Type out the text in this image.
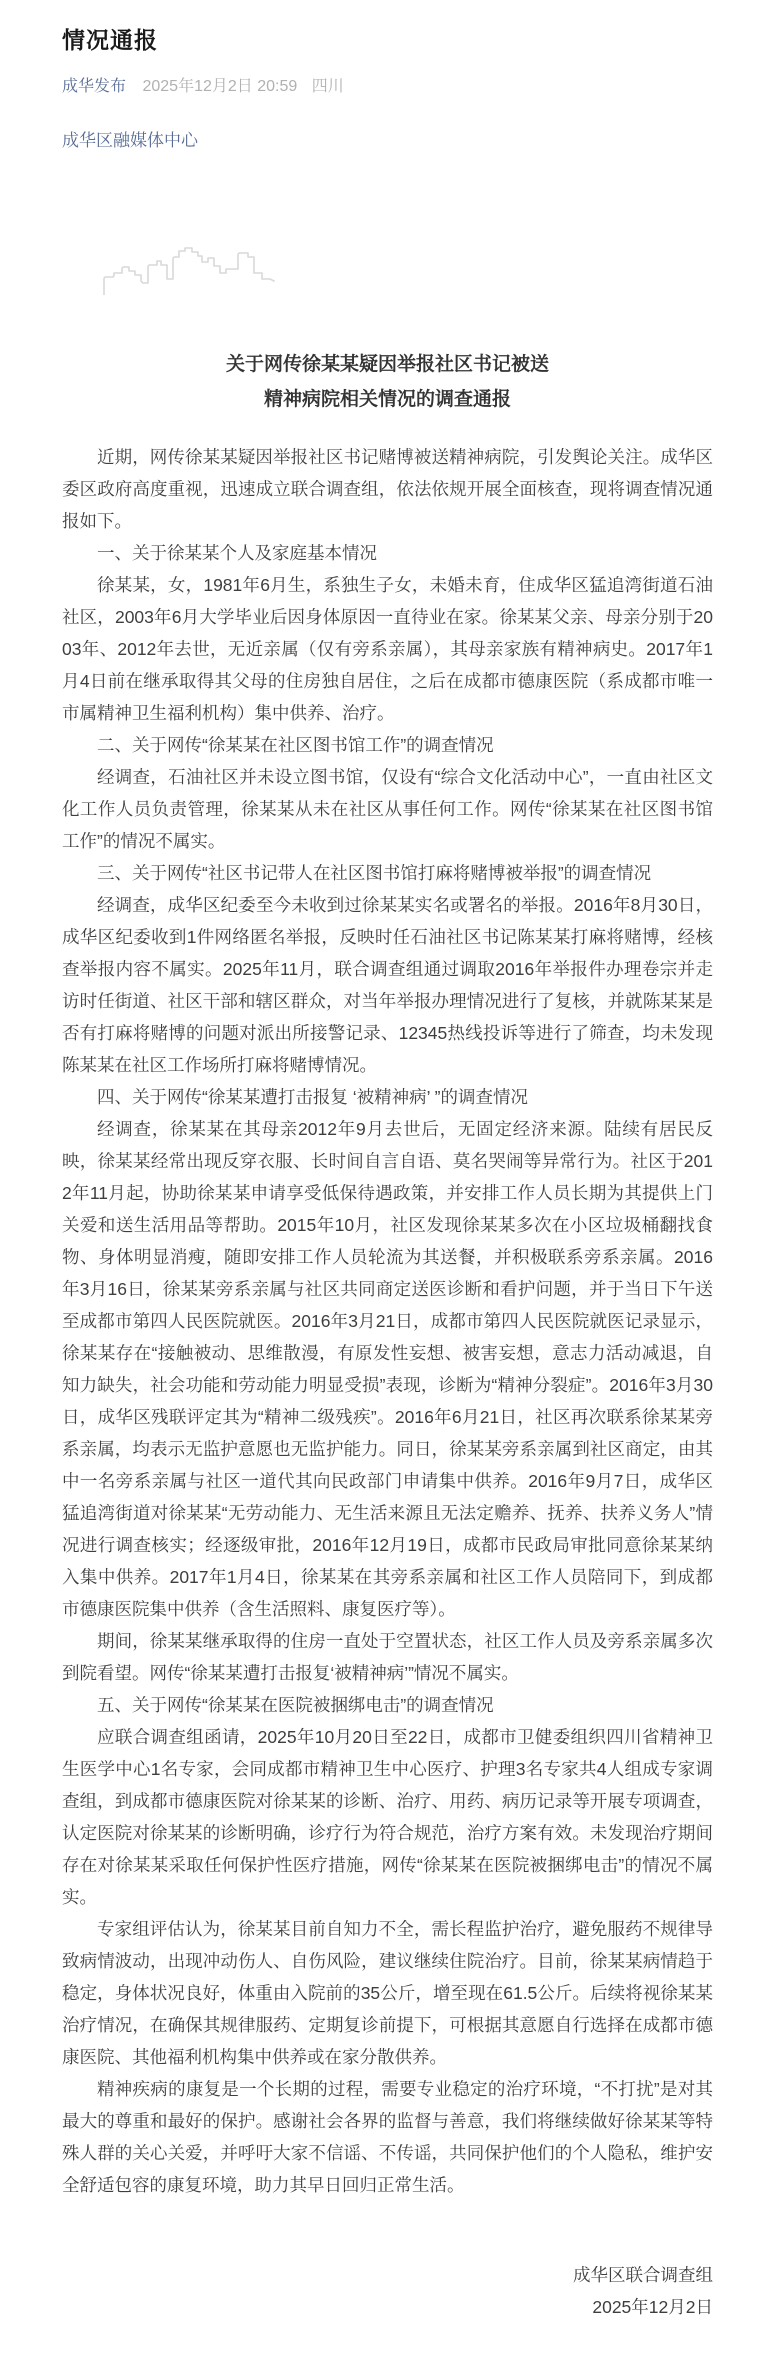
情况通报
成华发布 2025年12月2日 20:59 四川
成华区融媒体中心
关于网传徐某某疑因举报社区书记被送
精神病院相关情况的调查通报

近期，网传徐某某疑因举报社区书记赌博被送精神病院，引发舆论关注。成华区委区政府高度重视，迅速成立联合调查组，依法依规开展全面核查，现将调查情况通报如下。

一、关于徐某某个人及家庭基本情况

徐某某，女，1981年6月生，系独生子女，未婚未育，住成华区猛追湾街道石油社区，2003年6月大学毕业后因身体原因一直待业在家。徐某某父亲、母亲分别于2003年、2012年去世，无近亲属（仅有旁系亲属），其母亲家族有精神病史。2017年1月4日前在继承取得其父母的住房独自居住，之后在成都市德康医院（系成都市唯一市属精神卫生福利机构）集中供养、治疗。

二、关于网传“徐某某在社区图书馆工作”的调查情况

经调查，石油社区并未设立图书馆，仅设有“综合文化活动中心”，一直由社区文化工作人员负责管理，徐某某从未在社区从事任何工作。网传“徐某某在社区图书馆工作”的情况不属实。

三、关于网传“社区书记带人在社区图书馆打麻将赌博被举报”的调查情况

经调查，成华区纪委至今未收到过徐某某实名或署名的举报。2016年8月30日，成华区纪委收到1件网络匿名举报，反映时任石油社区书记陈某某打麻将赌博，经核查举报内容不属实。2025年11月，联合调查组通过调取2016年举报件办理卷宗并走访时任街道、社区干部和辖区群众，对当年举报办理情况进行了复核，并就陈某某是否有打麻将赌博的问题对派出所接警记录、12345热线投诉等进行了筛查，均未发现陈某某在社区工作场所打麻将赌博情况。

四、关于网传“徐某某遭打击报复 ‘被精神病’ ”的调查情况

经调查，徐某某在其母亲2012年9月去世后，无固定经济来源。陆续有居民反映，徐某某经常出现反穿衣服、长时间自言自语、莫名哭闹等异常行为。社区于2012年11月起，协助徐某某申请享受低保待遇政策，并安排工作人员长期为其提供上门关爱和送生活用品等帮助。2015年10月，社区发现徐某某多次在小区垃圾桶翻找食物、身体明显消瘦，随即安排工作人员轮流为其送餐，并积极联系旁系亲属。2016年3月16日，徐某某旁系亲属与社区共同商定送医诊断和看护问题，并于当日下午送至成都市第四人民医院就医。2016年3月21日，成都市第四人民医院就医记录显示，徐某某存在“接触被动、思维散漫，有原发性妄想、被害妄想，意志力活动减退，自知力缺失，社会功能和劳动能力明显受损”表现，诊断为“精神分裂症”。2016年3月30日，成华区残联评定其为“精神二级残疾”。2016年6月21日，社区再次联系徐某某旁系亲属，均表示无监护意愿也无监护能力。同日，徐某某旁系亲属到社区商定，由其中一名旁系亲属与社区一道代其向民政部门申请集中供养。2016年9月7日，成华区猛追湾街道对徐某某“无劳动能力、无生活来源且无法定赡养、抚养、扶养义务人”情况进行调查核实；经逐级审批，2016年12月19日，成都市民政局审批同意徐某某纳入集中供养。2017年1月4日，徐某某在其旁系亲属和社区工作人员陪同下，到成都市德康医院集中供养（含生活照料、康复医疗等）。

期间，徐某某继承取得的住房一直处于空置状态，社区工作人员及旁系亲属多次到院看望。网传“徐某某遭打击报复‘被精神病’”情况不属实。

五、关于网传“徐某某在医院被捆绑电击”的调查情况

应联合调查组函请，2025年10月20日至22日，成都市卫健委组织四川省精神卫生医学中心1名专家，会同成都市精神卫生中心医疗、护理3名专家共4人组成专家调查组，到成都市德康医院对徐某某的诊断、治疗、用药、病历记录等开展专项调查，认定医院对徐某某的诊断明确，诊疗行为符合规范，治疗方案有效。未发现治疗期间存在对徐某某采取任何保护性医疗措施，网传“徐某某在医院被捆绑电击”的情况不属实。

专家组评估认为，徐某某目前自知力不全，需长程监护治疗，避免服药不规律导致病情波动，出现冲动伤人、自伤风险，建议继续住院治疗。目前，徐某某病情趋于稳定，身体状况良好，体重由入院前的35公斤，增至现在61.5公斤。后续将视徐某某治疗情况，在确保其规律服药、定期复诊前提下，可根据其意愿自行选择在成都市德康医院、其他福利机构集中供养或在家分散供养。

精神疾病的康复是一个长期的过程，需要专业稳定的治疗环境，“不打扰”是对其最大的尊重和最好的保护。感谢社会各界的监督与善意，我们将继续做好徐某某等特殊人群的关心关爱，并呼吁大家不信谣、不传谣，共同保护他们的个人隐私，维护安全舒适包容的康复环境，助力其早日回归正常生活。

成华区联合调查组

2025年12月2日
